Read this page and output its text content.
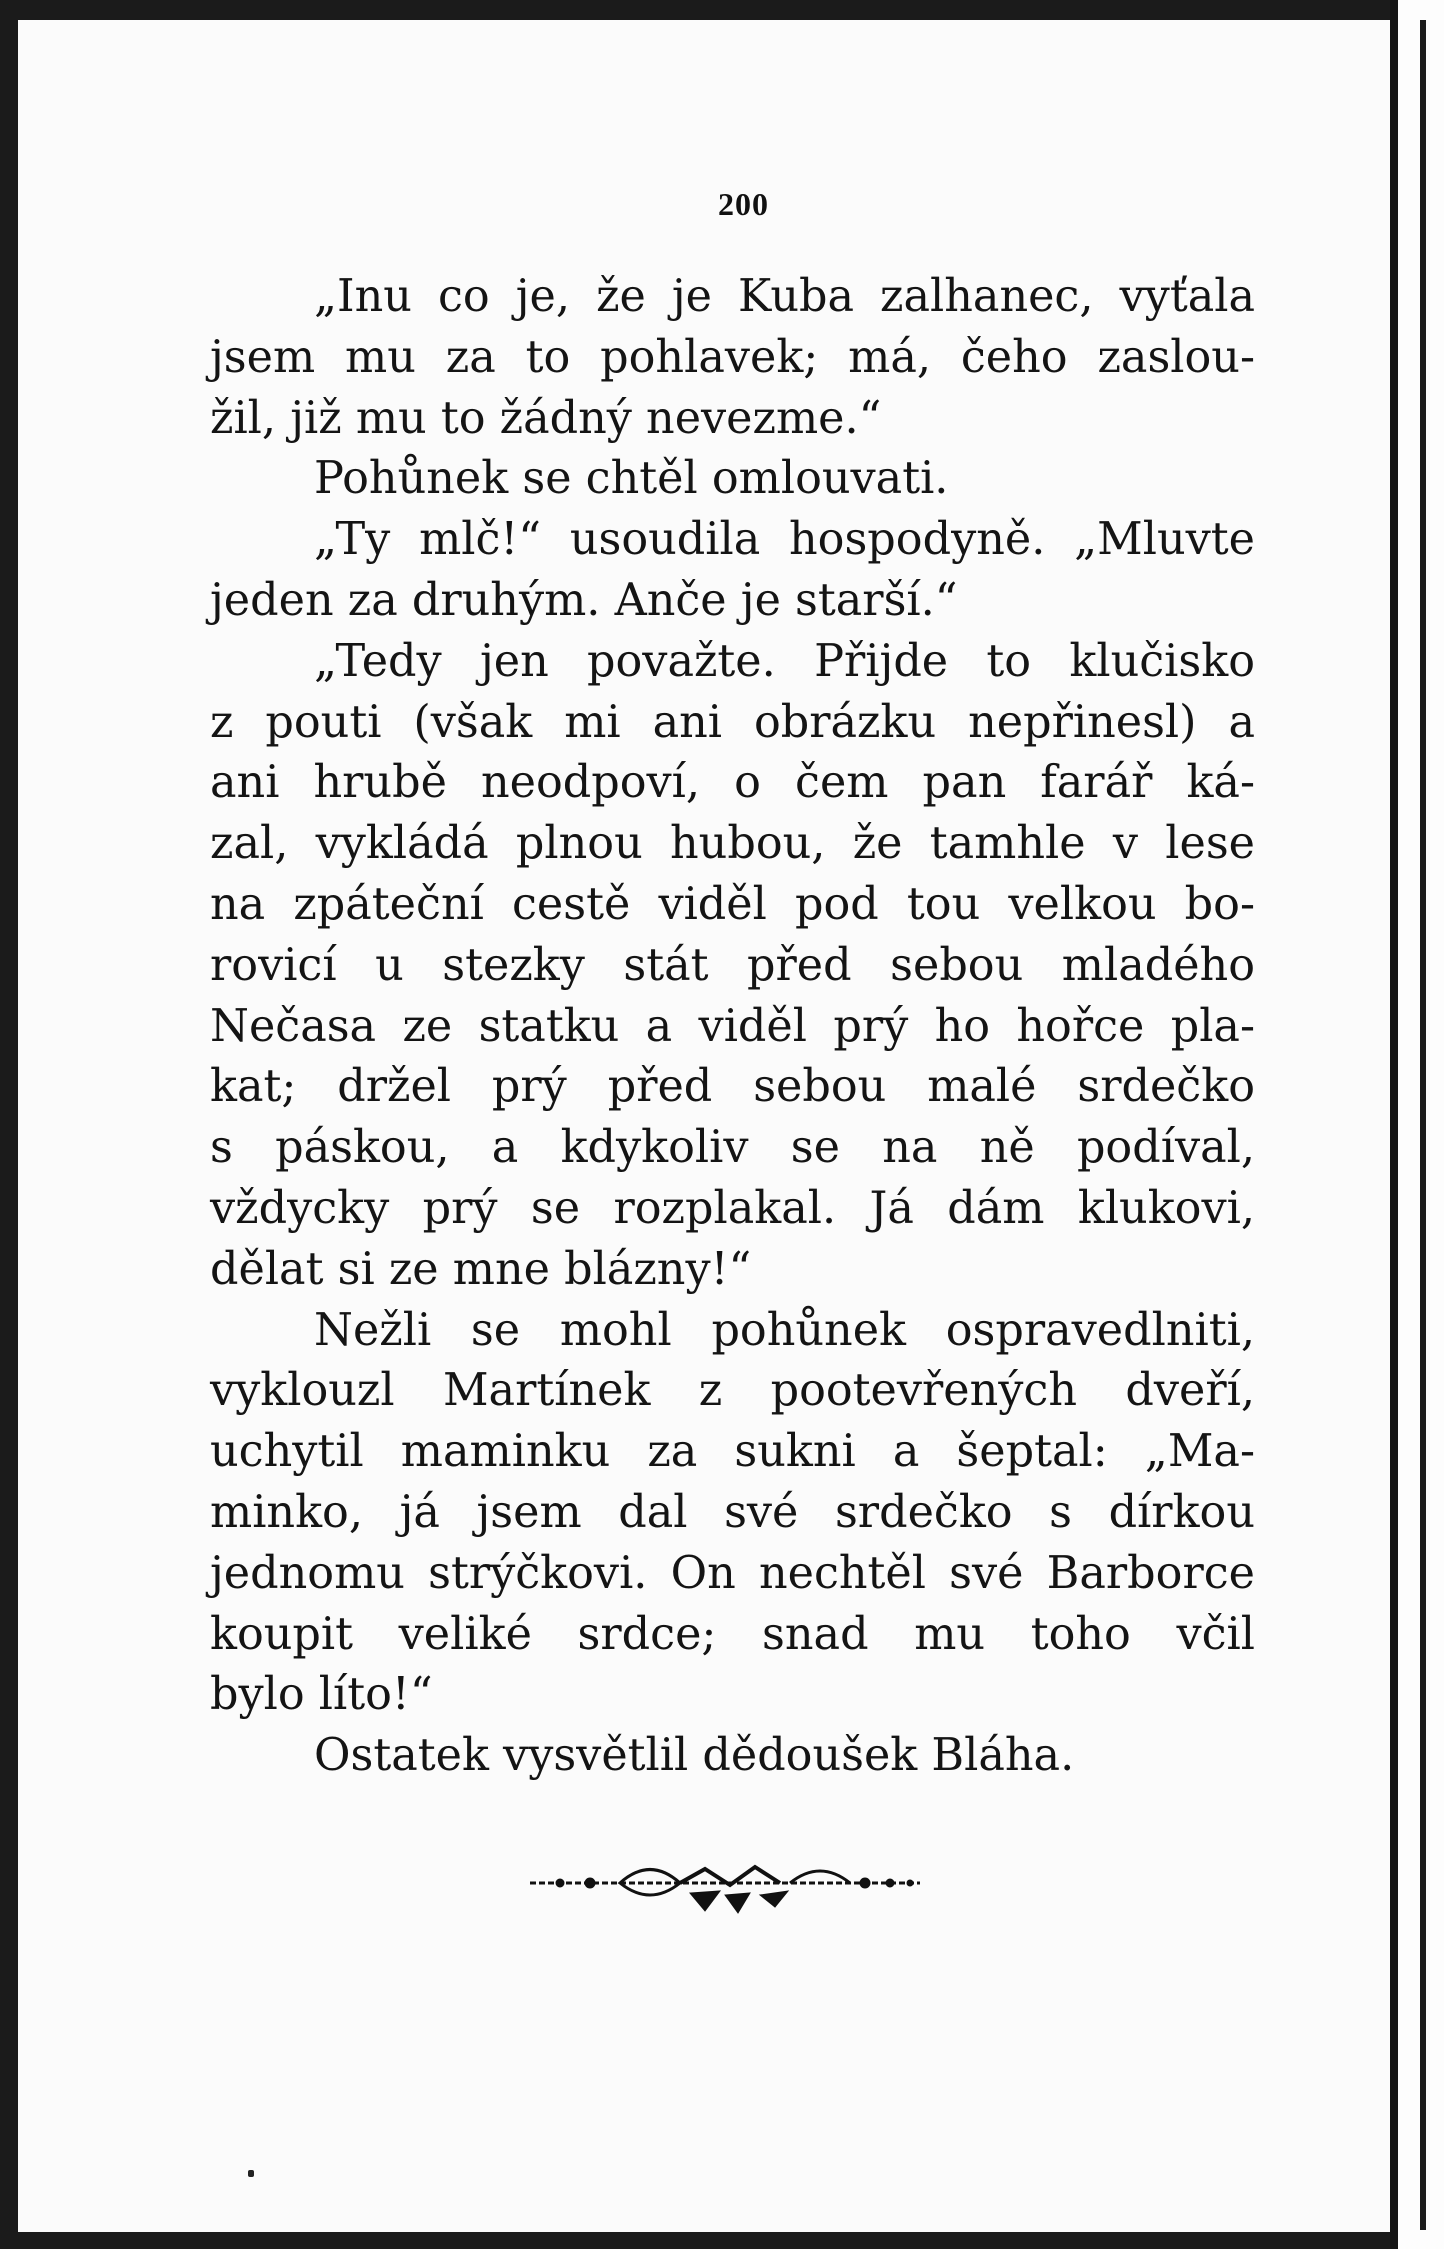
200
„Inu co je, že je Kuba zalhanec, vyťala
jsem mu za to pohlavek; má, čeho zaslou-
žil, již mu to žádný nevezme.“
Pohůnek se chtěl omlouvati.
„Ty mlč!“ usoudila hospodyně. „Mluvte
jeden za druhým. Anče je starší.“
„Tedy jen považte. Přijde to klučisko
z pouti (však mi ani obrázku nepřinesl) a
ani hrubě neodpoví, o čem pan farář ká-
zal, vykládá plnou hubou, že tamhle v lese
na zpáteční cestě viděl pod tou velkou bo-
rovicí u stezky stát před sebou mladého
Nečasa ze statku a viděl prý ho hořce pla-
kat; držel prý před sebou malé srdečko
s páskou, a kdykoliv se na ně podíval,
vždycky prý se rozplakal. Já dám klukovi,
dělat si ze mne blázny!“
Nežli se mohl pohůnek ospravedlniti,
vyklouzl Martínek z pootevřených dveří,
uchytil maminku za sukni a šeptal: „Ma-
minko, já jsem dal své srdečko s dírkou
jednomu strýčkovi. On nechtěl své Barborce
koupit veliké srdce; snad mu toho včil
bylo líto!“
Ostatek vysvětlil dědoušek Bláha.
